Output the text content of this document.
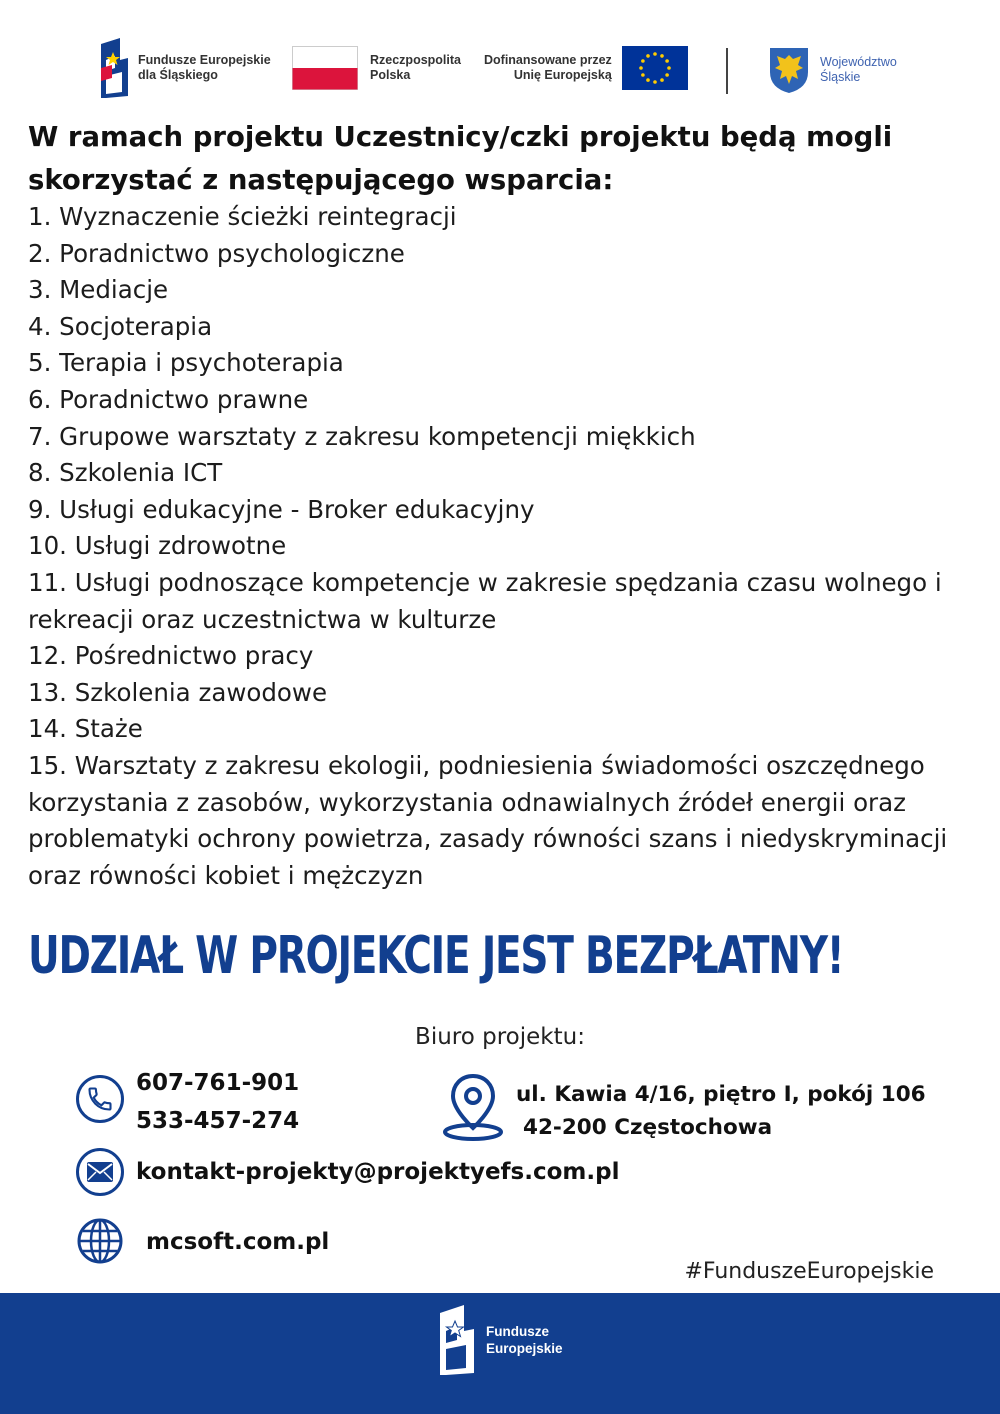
Fundusze Europejskie
dla Śląskiego
Rzeczpospolita
Polska
Dofinansowane przez
Unię Europejską
Województwo
Śląskie
W ramach projektu Uczestnicy/czki projektu będą mogli skorzystać z następującego wsparcia:
1. Wyznaczenie ścieżki reintegracji
2. Poradnictwo psychologiczne
3. Mediacje
4. Socjoterapia
5. Terapia i psychoterapia
6. Poradnictwo prawne
7. Grupowe warsztaty z zakresu kompetencji miękkich
8. Szkolenia ICT
9. Usługi edukacyjne - Broker edukacyjny
10. Usługi zdrowotne
11. Usługi podnoszące kompetencje w zakresie spędzania czasu wolnego i
rekreacji oraz uczestnictwa w kulturze
12. Pośrednictwo pracy
13. Szkolenia zawodowe
14. Staże
15. Warsztaty z zakresu ekologii, podniesienia świadomości oszczędnego
korzystania z zasobów, wykorzystania odnawialnych źródeł energii oraz
problematyki ochrony powietrza, zasady równości szans i niedyskryminacji
oraz równości kobiet i mężczyzn
UDZIAŁ W PROJEKCIE JEST BEZPŁATNY!
Biuro projektu:
607-761-901
533-457-274
ul. Kawia 4/16, piętro I, pokój 106
42-200 Częstochowa
kontakt-projekty@projektyefs.com.pl
mcsoft.com.pl
#FunduszeEuropejskie
Fundusze
Europejskie
